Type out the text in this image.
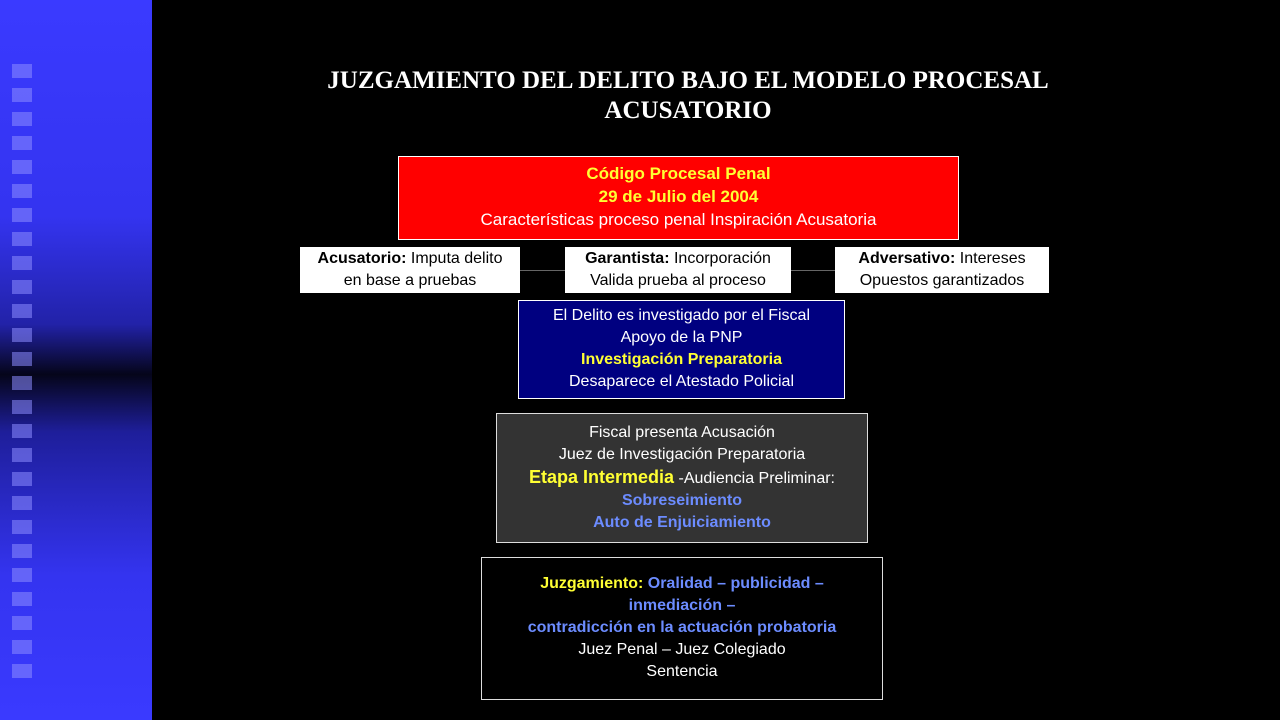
JUZGAMIENTO DEL DELITO BAJO EL MODELO PROCESAL
ACUSATORIO
Código Procesal Penal
29 de Julio del 2004
Características proceso penal Inspiración Acusatoria
Acusatorio: Imputa delito
en base a pruebas
Garantista: Incorporación
Valida prueba al proceso
Adversativo: Intereses
Opuestos garantizados
El Delito es investigado por el Fiscal
Apoyo de la PNP
Investigación Preparatoria
Desaparece el Atestado Policial
Fiscal presenta Acusación
Juez de Investigación Preparatoria
Etapa Intermedia -Audiencia Preliminar:
Sobreseimiento
Auto de Enjuiciamiento
Juzgamiento: Oralidad – publicidad –
inmediación –
contradicción en la actuación probatoria
Juez Penal – Juez Colegiado
Sentencia
